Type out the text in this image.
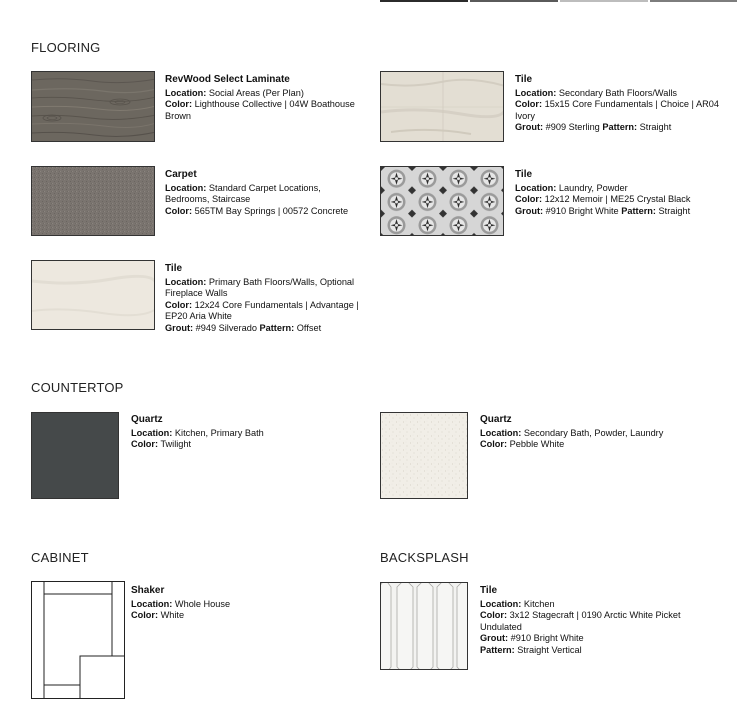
FLOORING
COUNTERTOP
CABINET	BACKSPLASH
RevWood Select Laminate
Location: Social Areas (Per Plan)
Color: Lighthouse Collective | 04W Boathouse Brown
Tile
Location: Secondary Bath Floors/Walls
Color: 15x15 Core Fundamentals | Choice | AR04 Ivory
Grout: #909 Sterling Pattern: Straight
Carpet
Location: Standard Carpet Locations, Bedrooms, Staircase
Color: 565TM Bay Springs | 00572 Concrete
Tile
Location: Laundry, Powder
Color: 12x12 Memoir | ME25 Crystal Black
Grout: #910 Bright White Pattern: Straight
Tile
Location: Primary Bath Floors/Walls, Optional Fireplace Walls
Color: 12x24 Core Fundamentals | Advantage | EP20 Aria White
Grout: #949 Silverado Pattern: Offset
Quartz
Location: Kitchen, Primary Bath
Color: Twilight
Quartz
Location: Secondary Bath, Powder, Laundry
Color: Pebble White
Shaker
Location: Whole House
Color: White
Tile
Location: Kitchen
Color: 3x12 Stagecraft | 0190 Arctic White Picket Undulated
Grout: #910 Bright White
Pattern: Straight Vertical
